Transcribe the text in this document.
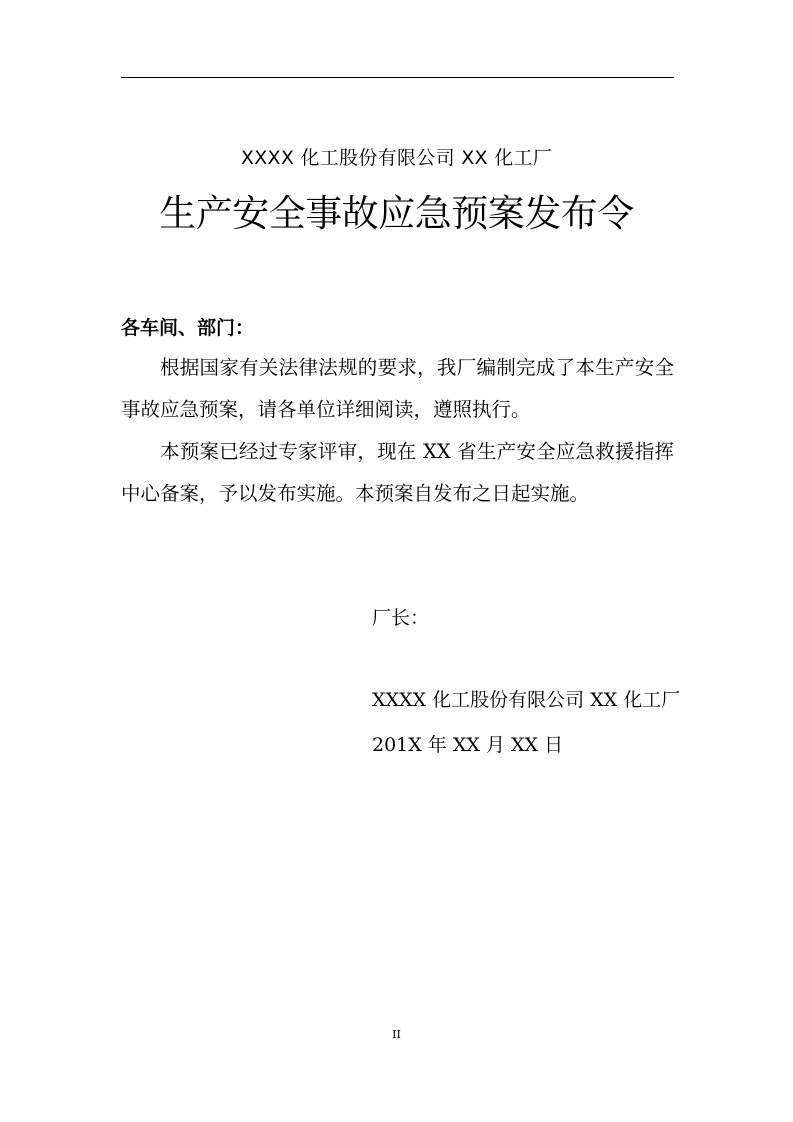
XXXX 化工股份有限公司 XX 化工厂
生产安全事故应急预案发布令
各车间、部门：
根据国家有关法律法规的要求，我厂编制完成了本生产安全事故应急预案，请各单位详细阅读，遵照执行。
本预案已经过专家评审，现在 XX 省生产安全应急救援指挥中心备案，予以发布实施。本预案自发布之日起实施。
厂长：
XXXX 化工股份有限公司 XX 化工厂
201X 年 XX 月 XX 日
II
